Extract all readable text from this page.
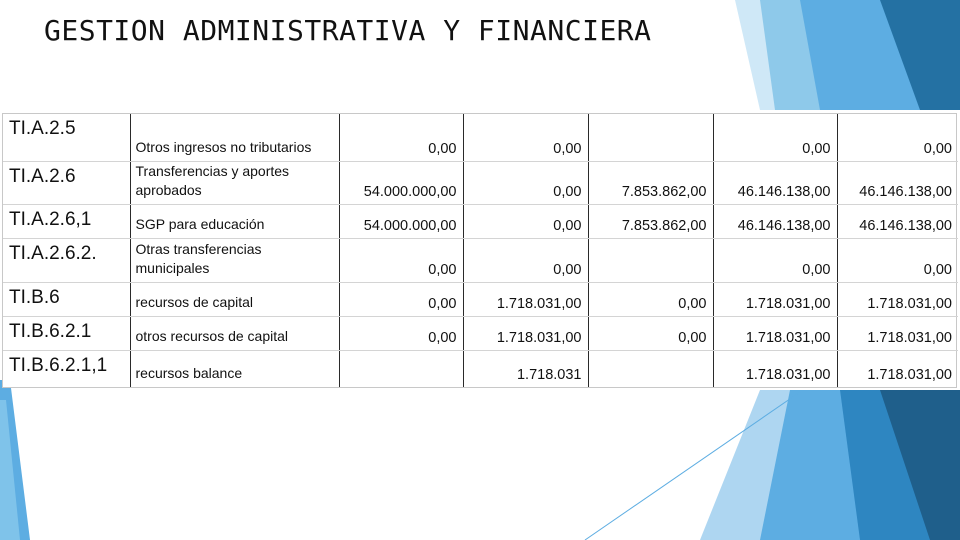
GESTION ADMINISTRATIVA Y FINANCIERA
TI.A.2.5	Otros ingresos no tributarios	0,00	0,00		0,00	0,00
TI.A.2.6	Transferencias y aportes aprobados	54.000.000,00	0,00	7.853.862,00	46.146.138,00	46.146.138,00
TI.A.2.6,1	SGP para educación	54.000.000,00	0,00	7.853.862,00	46.146.138,00	46.146.138,00
TI.A.2.6.2.	Otras transferencias municipales	0,00	0,00		0,00	0,00
TI.B.6	recursos de capital	0,00	1.718.031,00	0,00	1.718.031,00	1.718.031,00
TI.B.6.2.1	otros recursos de capital	0,00	1.718.031,00	0,00	1.718.031,00	1.718.031,00
TI.B.6.2.1,1	recursos balance		1.718.031		1.718.031,00	1.718.031,00
